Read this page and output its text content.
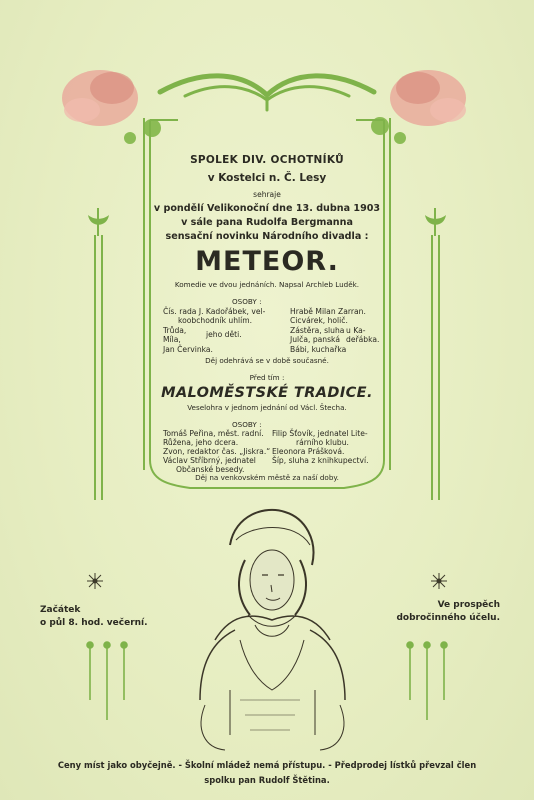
SPOLEK DIV. OCHOTNÍKŮ
v Kostelci n. Č. Lesy
sehraje
v pondělí Velikonoční dne 13. dubna 1903
v sále pana Rudolfa Bergmanna
sensační novinku Národního divadla :
METEOR.
Komedie ve dvou jednáních. Napsal Archleb Luděk.
OSOBY :
Čís. rada J. Kadořábek, vel-
koobchodník uhlím.
Trůda,
Míla,
jeho děti.
Jan Červinka.
Hrabě Milan Zarran.
Cicvárek, holič.
Zástěra, sluha
Julča, panská
Bábi, kuchařka
u Ka-
deřábka.
Děj odehrává se v době současné.
Před tím :
MALOMĚSTSKÉ TRADICE.
Veselohra v jednom jednání od Václ. Štecha.
OSOBY :
Tomáš Peřina, měst. radní.
Růžena, jeho dcera.
Zvon, redaktor čas. „Jiskra.“
Václav Stříbrný, jednatel
Občanské besedy.
Filip Šťovík, jednatel Lite-
rárního klubu.
Eleonora Prášková.
Šíp, sluha z knihkupectví.
Děj na venkovském městě za naší doby.
Začátek
o půl 8. hod. večerní.
Ve prospěch
dobročinného účelu.
Ceny míst jako obyčejně. - Školní mládež nemá přístupu. - Předprodej lístků převzal člen
spolku pan Rudolf Štětina.
